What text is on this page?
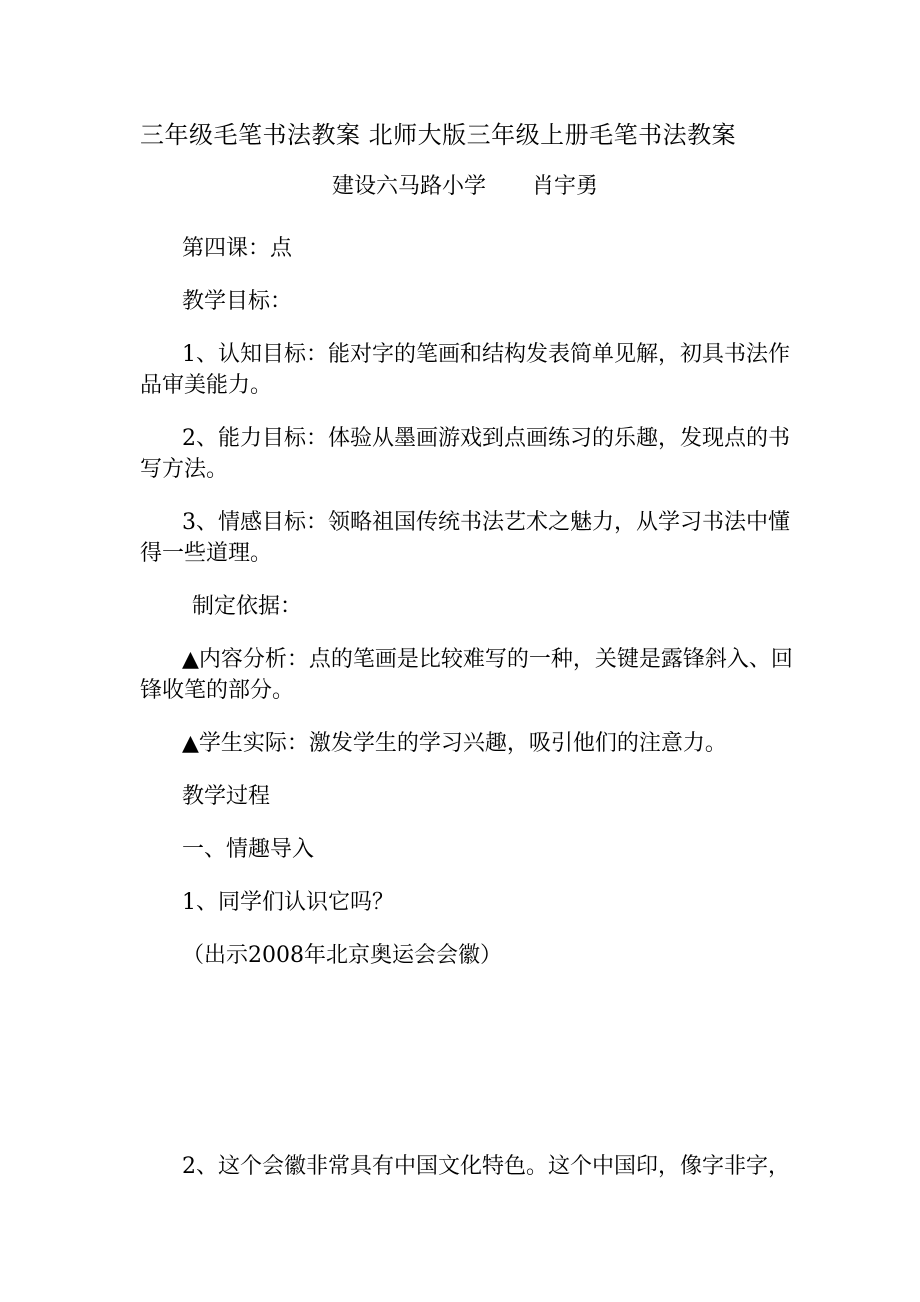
三年级毛笔书法教案 北师大版三年级上册毛笔书法教案

建设六马路小学 肖宇勇

第四课：点

教学目标：

1、认知目标：能对字的笔画和结构发表简单见解，初具书法作

品审美能力。

2、能力目标：体验从墨画游戏到点画练习的乐趣，发现点的书

写方法。

3、情感目标：领略祖国传统书法艺术之魅力，从学习书法中懂

得一些道理。

制定依据：

▲内容分析：点的笔画是比较难写的一种，关键是露锋斜入、回

锋收笔的部分。

▲学生实际：激发学生的学习兴趣，吸引他们的注意力。

教学过程

一、情趣导入

1、同学们认识它吗？

（出示2008年北京奥运会会徽）

2、这个会徽非常具有中国文化特色。这个中国印，像字非字，
